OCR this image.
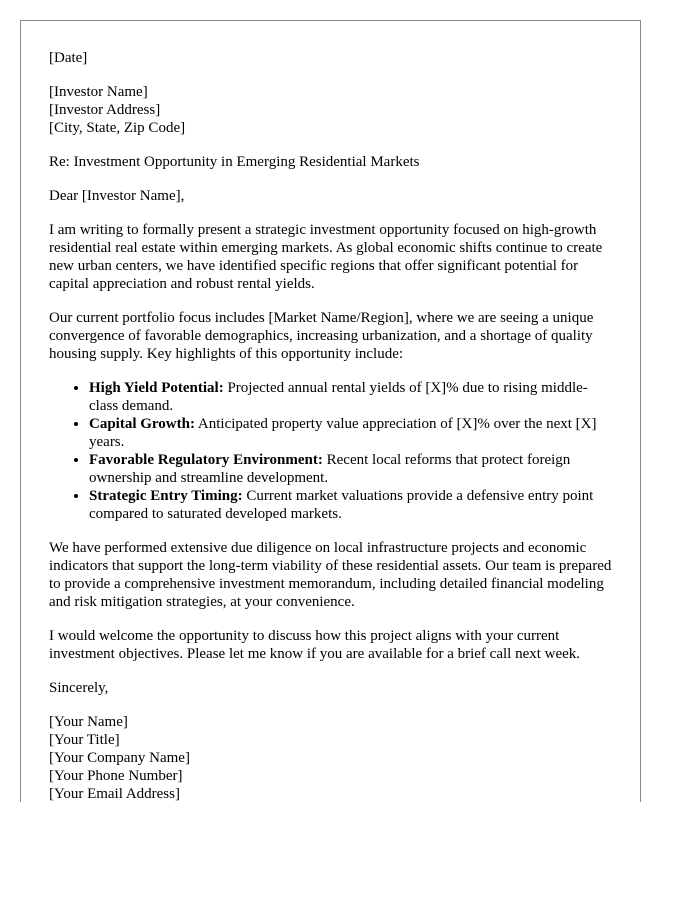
[Date]
[Investor Name]
[Investor Address]
[City, State, Zip Code]

Re: Investment Opportunity in Emerging Residential Markets

Dear [Investor Name],

I am writing to formally present a strategic investment opportunity focused on high-growth residential real estate within emerging markets. As global economic shifts continue to create new urban centers, we have identified specific regions that offer significant potential for capital appreciation and robust rental yields.

Our current portfolio focus includes [Market Name/Region], where we are seeing a unique convergence of favorable demographics, increasing urbanization, and a shortage of quality housing supply. Key highlights of this opportunity include:

• High Yield Potential: Projected annual rental yields of [X]% due to rising middle-class demand.
• Capital Growth: Anticipated property value appreciation of [X]% over the next [X] years.
• Favorable Regulatory Environment: Recent local reforms that protect foreign ownership and streamline development.
• Strategic Entry Timing: Current market valuations provide a defensive entry point compared to saturated developed markets.

We have performed extensive due diligence on local infrastructure projects and economic indicators that support the long-term viability of these residential assets. Our team is prepared to provide a comprehensive investment memorandum, including detailed financial modeling and risk mitigation strategies, at your convenience.

I would welcome the opportunity to discuss how this project aligns with your current investment objectives. Please let me know if you are available for a brief call next week.

Sincerely,

[Your Name]
[Your Title]
[Your Company Name]
[Your Phone Number]
[Your Email Address]
